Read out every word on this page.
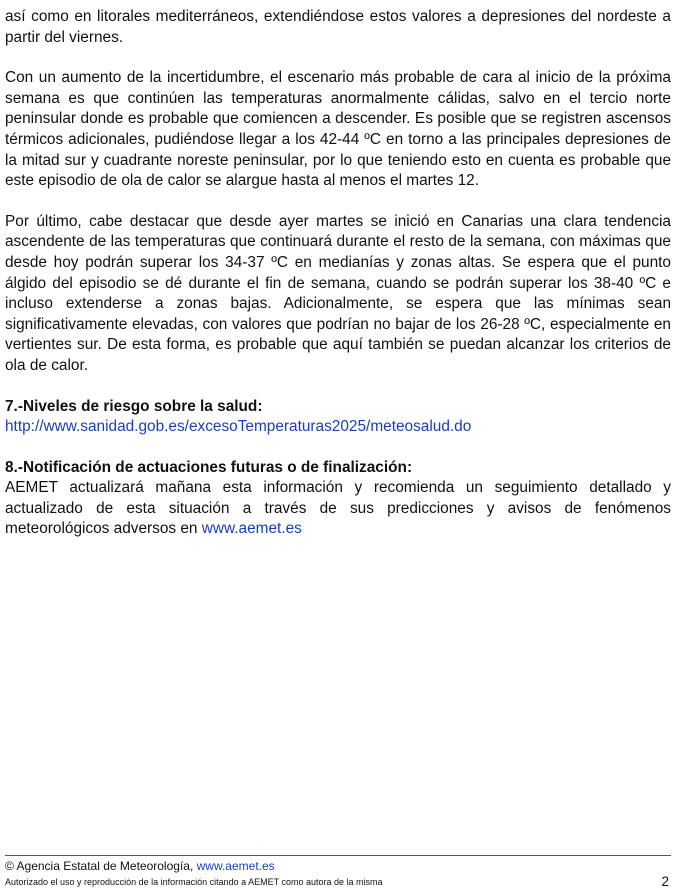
así como en litorales mediterráneos, extendiéndose estos valores a depresiones del nordeste a partir del viernes.

Con un aumento de la incertidumbre, el escenario más probable de cara al inicio de la próxima semana es que continúen las temperaturas anormalmente cálidas, salvo en el tercio norte peninsular donde es probable que comiencen a descender. Es posible que se registren ascensos térmicos adicionales, pudiéndose llegar a los 42-44 ºC en torno a las principales depresiones de la mitad sur y cuadrante noreste peninsular, por lo que teniendo esto en cuenta es probable que este episodio de ola de calor se alargue hasta al menos el martes 12.

Por último, cabe destacar que desde ayer martes se inició en Canarias una clara tendencia ascendente de las temperaturas que continuará durante el resto de la semana, con máximas que desde hoy podrán superar los 34-37 ºC en medianías y zonas altas. Se espera que el punto álgido del episodio se dé durante el fin de semana, cuando se podrán superar los 38-40 ºC e incluso extenderse a zonas bajas. Adicionalmente, se espera que las mínimas sean significativamente elevadas, con valores que podrían no bajar de los 26-28 ºC, especialmente en vertientes sur. De esta forma, es probable que aquí también se puedan alcanzar los criterios de ola de calor.

7.-Niveles de riesgo sobre la salud:
http://www.sanidad.gob.es/excesoTemperaturas2025/meteosalud.do
8.-Notificación de actuaciones futuras o de finalización:

AEMET actualizará mañana esta información y recomienda un seguimiento detallado y actualizado de esta situación a través de sus predicciones y avisos de fenómenos meteorológicos adversos en www.aemet.es

© Agencia Estatal de Meteorología, www.aemet.es
Autorizado el uso y reproducción de la información citando a AEMET como autora de la misma	2
